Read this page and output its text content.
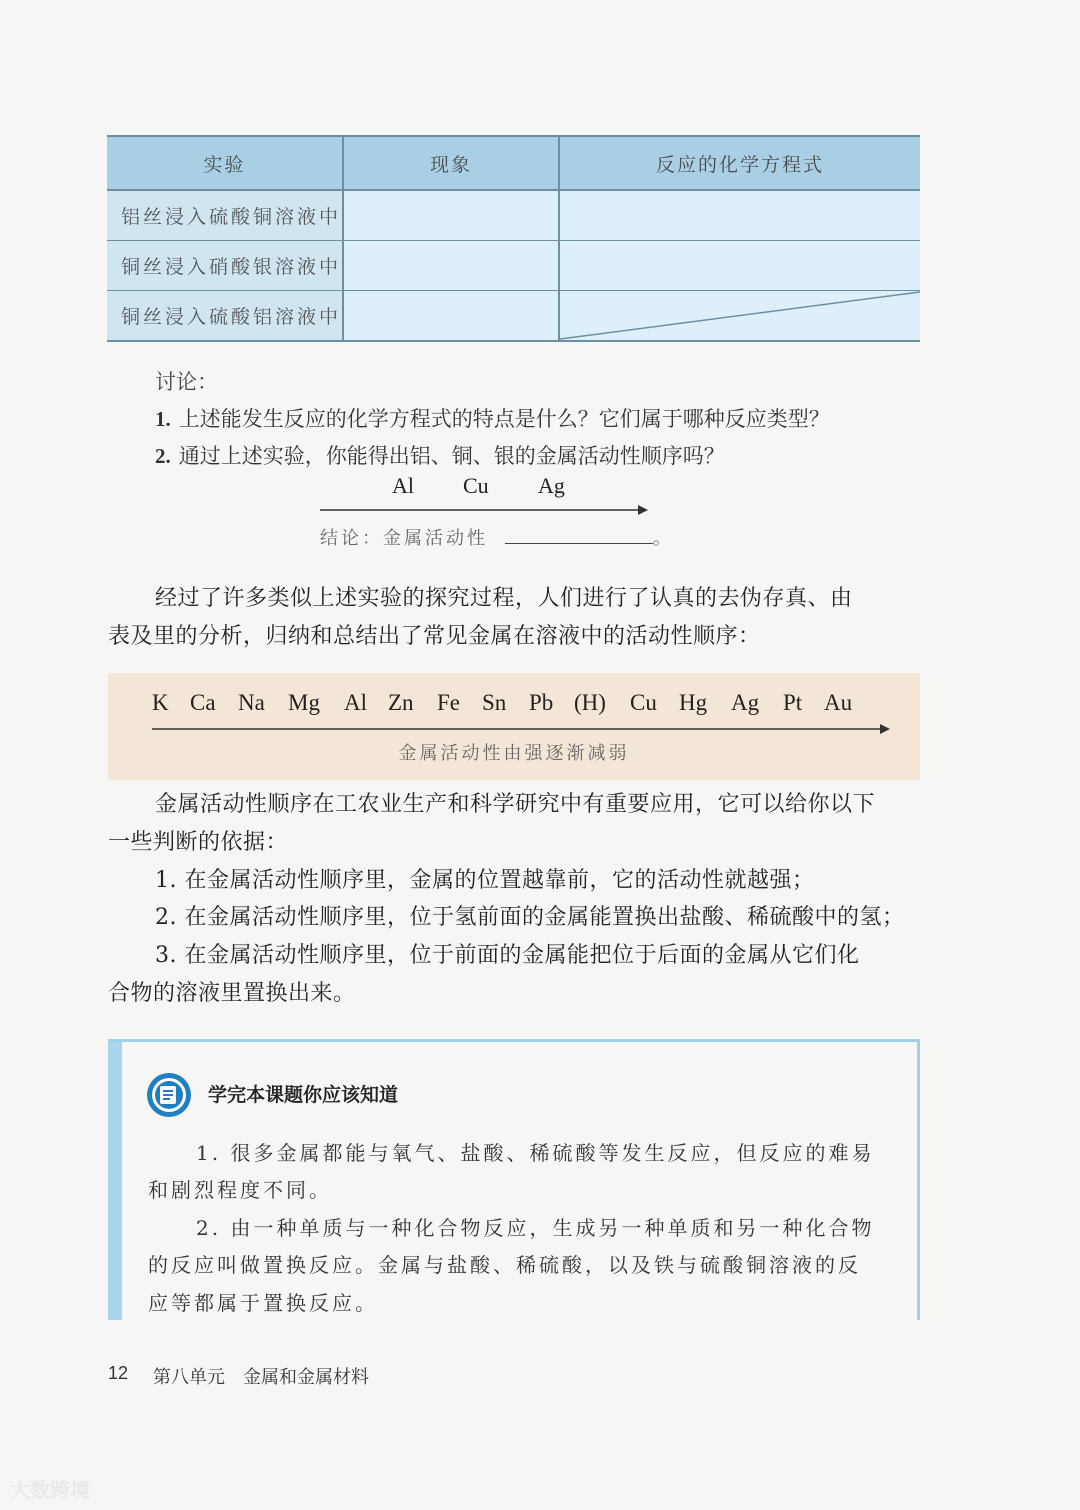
实验	现象	反应的化学方程式
铝丝浸入硫酸铜溶液中		
铜丝浸入硝酸银溶液中		
铜丝浸入硫酸铝溶液中		
讨论：
1. 上述能发生反应的化学方程式的特点是什么？它们属于哪种反应类型？
2. 通过上述实验，你能得出铝、铜、银的金属活动性顺序吗？
Al Cu Ag
结论：金属活动性	。
经过了许多类似上述实验的探究过程，人们进行了认真的去伪存真、由
表及里的分析，归纳和总结出了常见金属在溶液中的活动性顺序：
K Ca Na Mg Al Zn Fe Sn Pb (H) Cu Hg Ag Pt Au
金属活动性由强逐渐减弱
金属活动性顺序在工农业生产和科学研究中有重要应用，它可以给你以下
一些判断的依据：
1. 在金属活动性顺序里，金属的位置越靠前，它的活动性就越强；
2. 在金属活动性顺序里，位于氢前面的金属能置换出盐酸、稀硫酸中的氢；
3. 在金属活动性顺序里，位于前面的金属能把位于后面的金属从它们化
合物的溶液里置换出来。
学完本课题你应该知道
1. 很多金属都能与氧气、盐酸、稀硫酸等发生反应，但反应的难易
和剧烈程度不同。
2. 由一种单质与一种化合物反应，生成另一种单质和另一种化合物
的反应叫做置换反应。金属与盐酸、稀硫酸，以及铁与硫酸铜溶液的反
应等都属于置换反应。
12 第八单元 金属和金属材料
大数跨境
